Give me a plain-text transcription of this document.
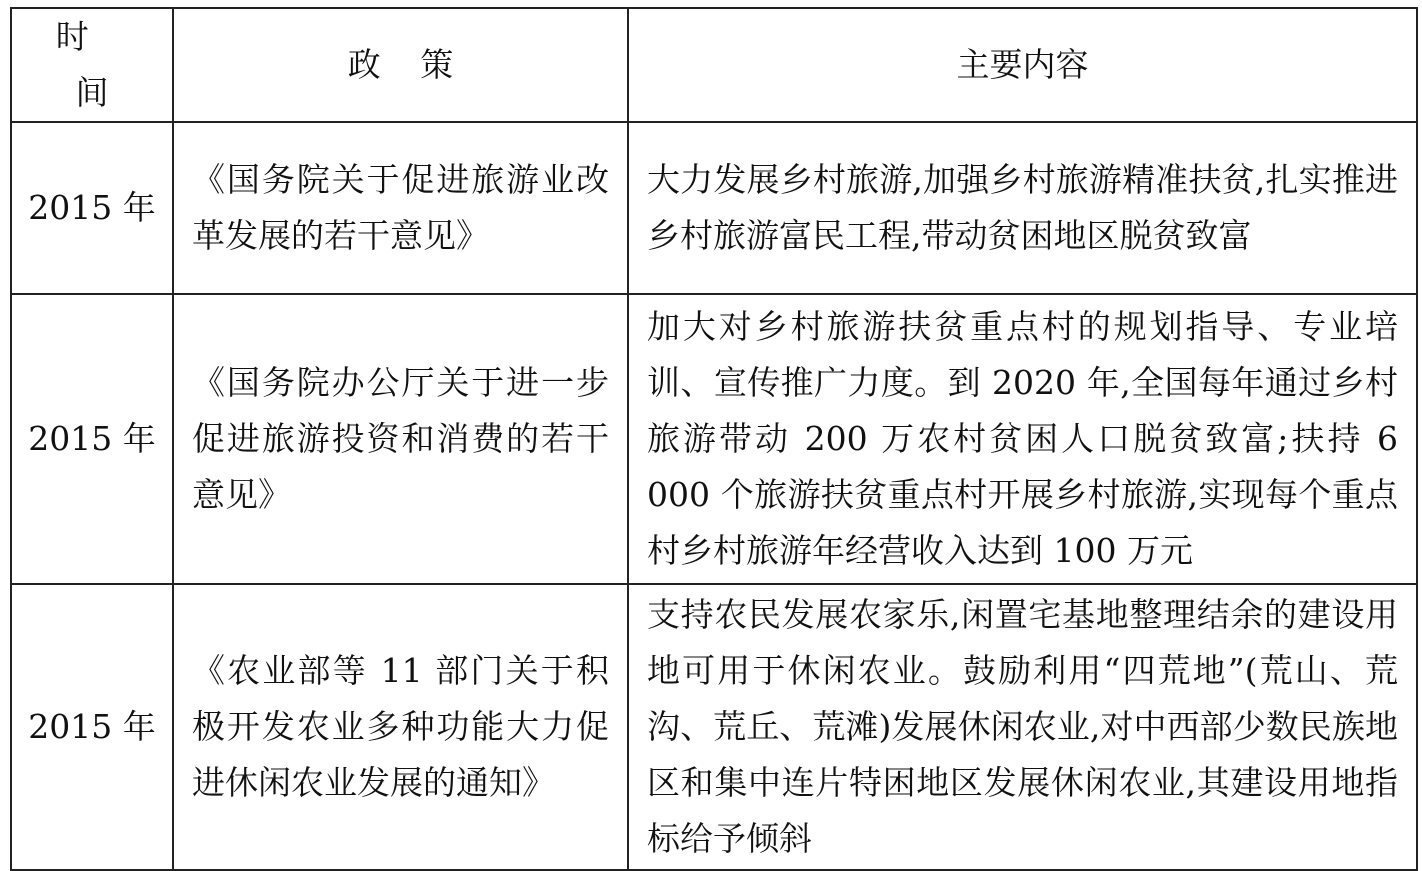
时间	政策	主要内容
2015 年	《国务院关于促进旅游业改革发展的若干意见》	大力发展乡村旅游,加强乡村旅游精准扶贫,扎实推进乡村旅游富民工程,带动贫困地区脱贫致富
2015 年	《国务院办公厅关于进一步促进旅游投资和消费的若干意见》	加大对乡村旅游扶贫重点村的规划指导、专业培训、宣传推广力度。到 2020 年,全国每年通过乡村旅游带动 200 万农村贫困人口脱贫致富;扶持 6 000 个旅游扶贫重点村开展乡村旅游,实现每个重点村乡村旅游年经营收入达到 100 万元
2015 年	《农业部等 11 部门关于积极开发农业多种功能大力促进休闲农业发展的通知》	支持农民发展农家乐,闲置宅基地整理结余的建设用地可用于休闲农业。鼓励利用“四荒地”(荒山、荒沟、荒丘、荒滩)发展休闲农业,对中西部少数民族地区和集中连片特困地区发展休闲农业,其建设用地指标给予倾斜
